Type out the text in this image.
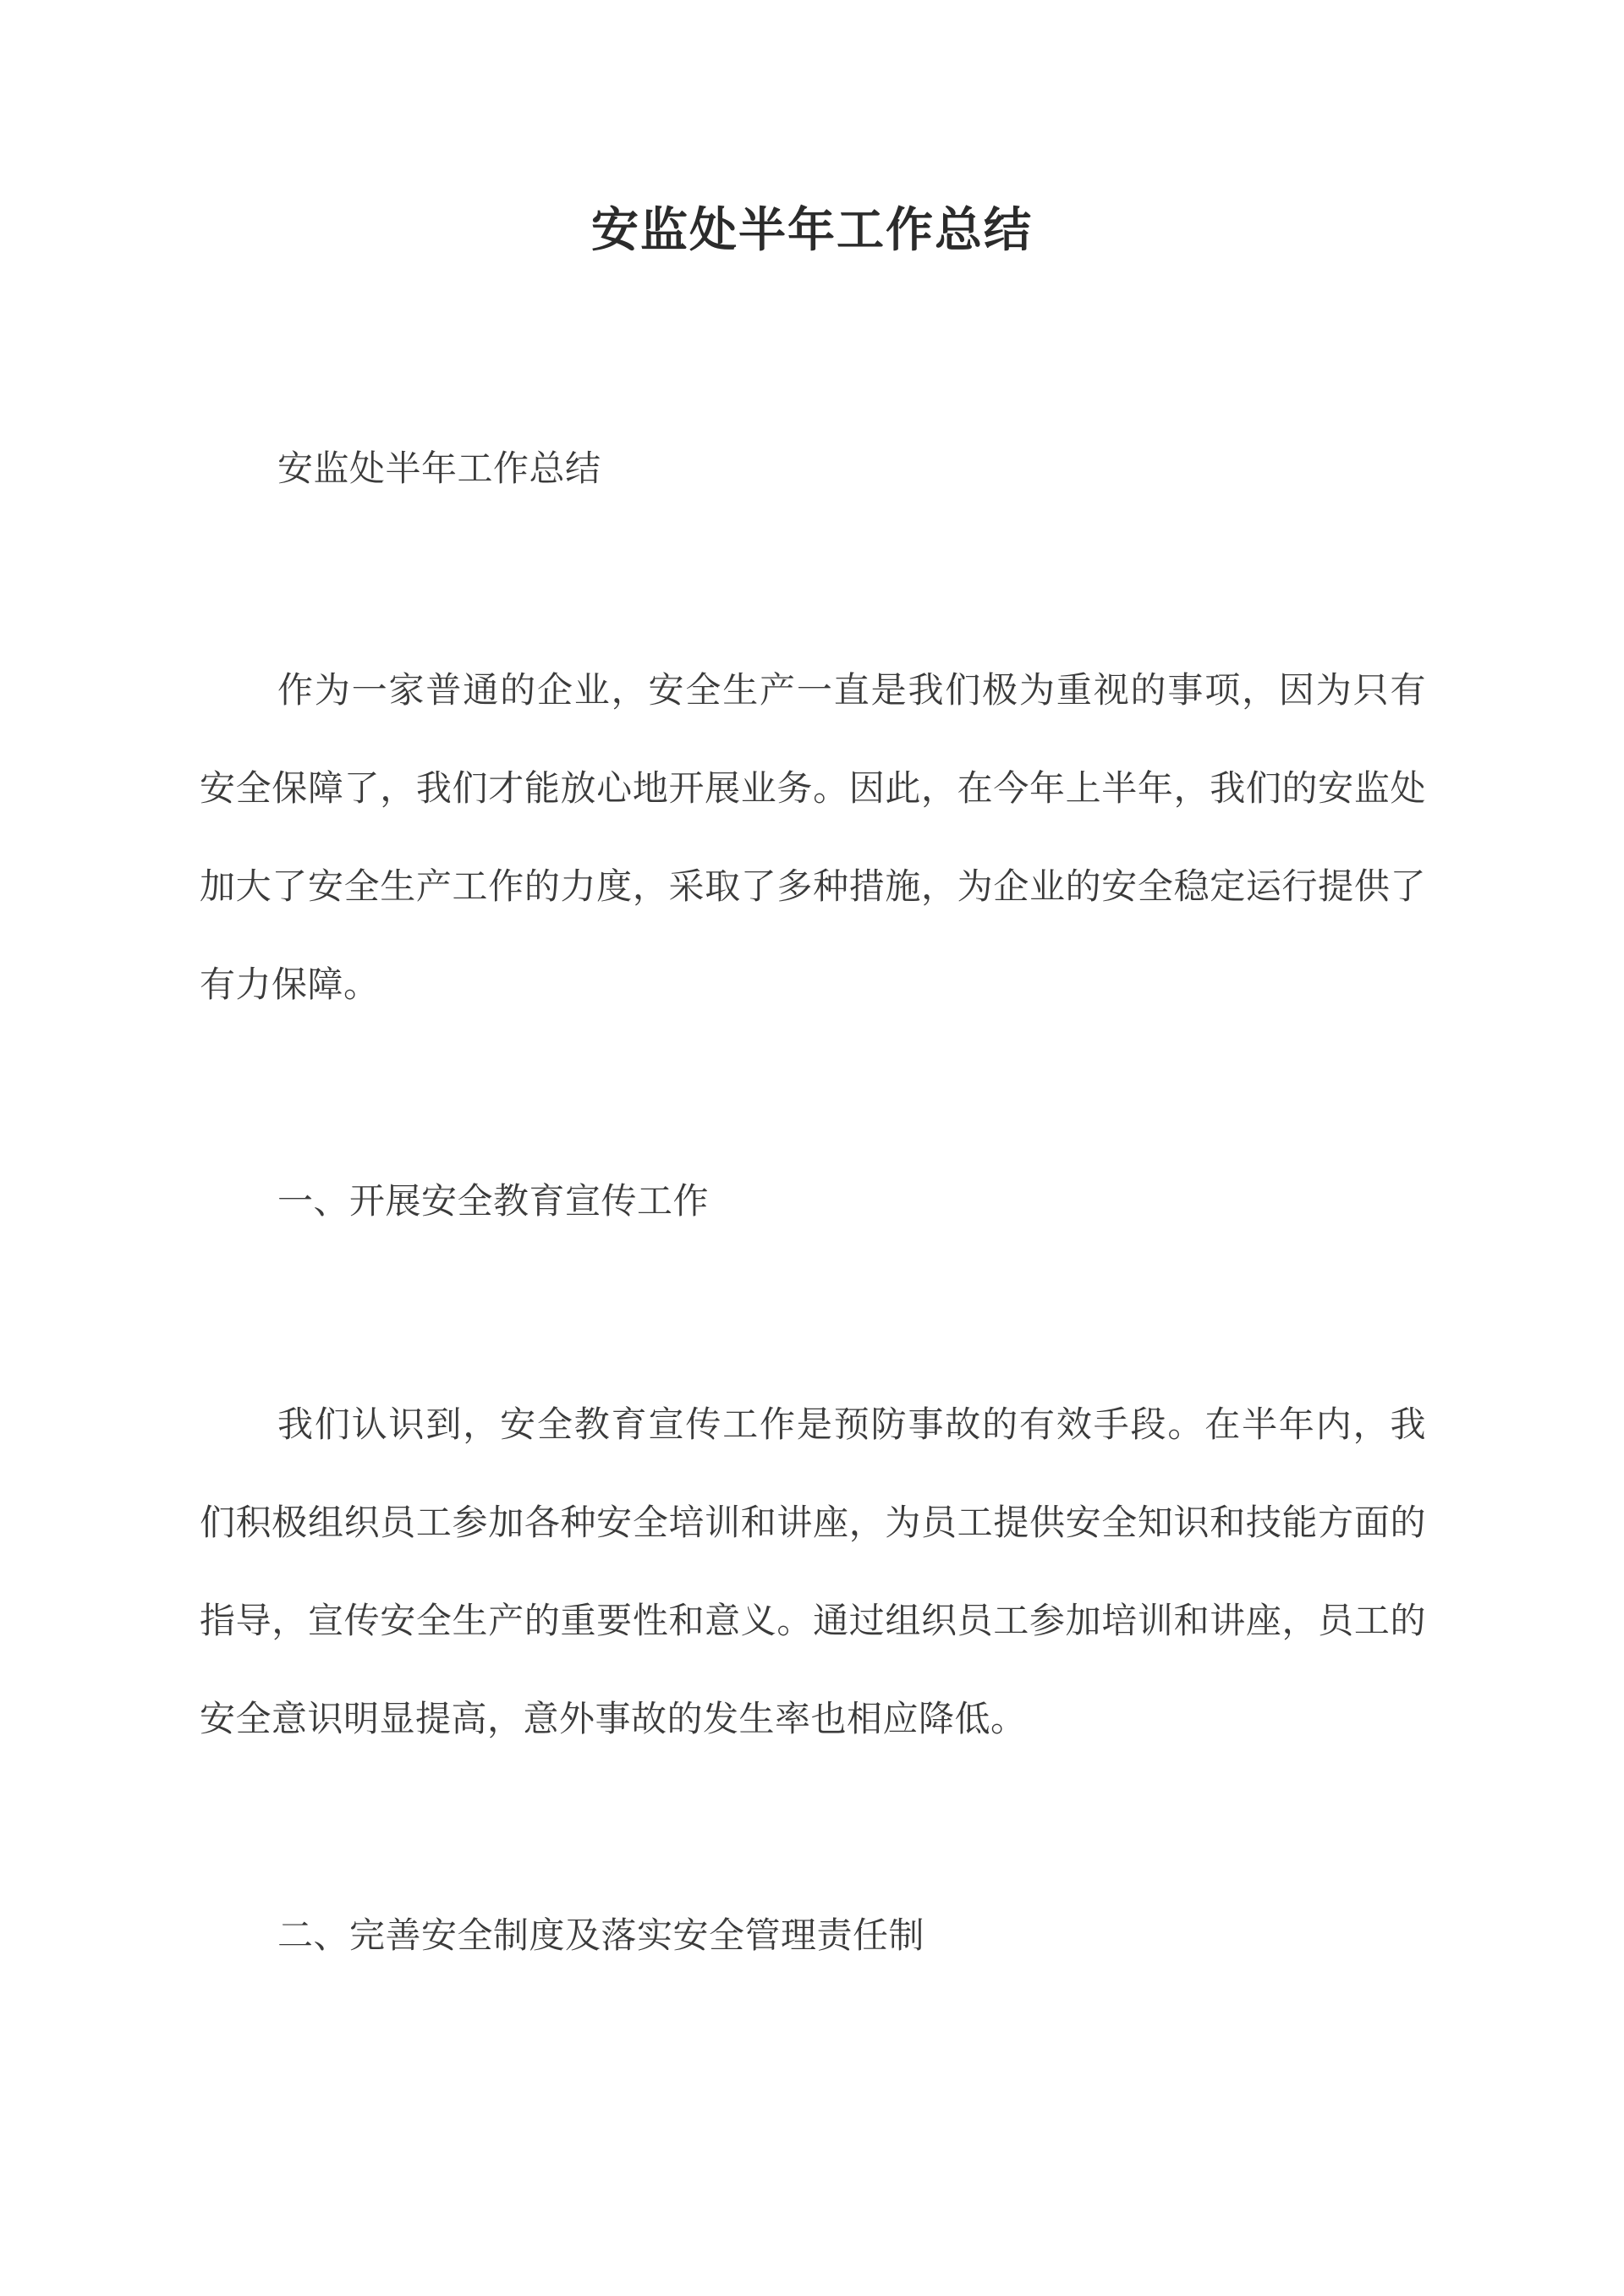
安监处半年工作总结
安监处半年工作总结
作为一家普通的企业，安全生产一直是我们极为重视的事项，因为只有安全保障了，我们才能放心地开展业务。因此，在今年上半年，我们的安监处加大了安全生产工作的力度，采取了多种措施，为企业的安全稳定运行提供了有力保障。
一、开展安全教育宣传工作
我们认识到，安全教育宣传工作是预防事故的有效手段。在半年内，我们积极组织员工参加各种安全培训和讲座，为员工提供安全知识和技能方面的指导，宣传安全生产的重要性和意义。通过组织员工参加培训和讲座，员工的安全意识明显提高，意外事故的发生率也相应降低。
二、完善安全制度及落实安全管理责任制
